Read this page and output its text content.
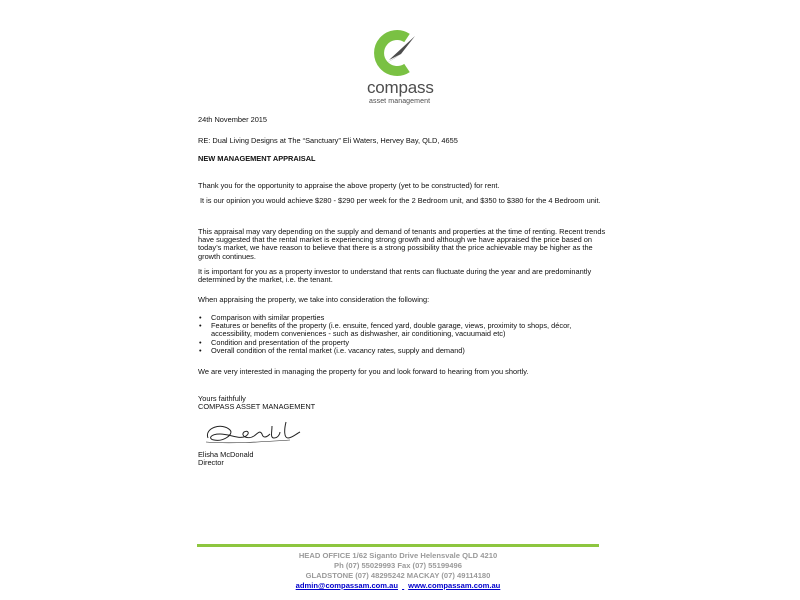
compass
asset management

24th November 2015

RE: Dual Living Designs at The “Sanctuary” Eli Waters, Hervey Bay, QLD, 4655

NEW MANAGEMENT APPRAISAL

Thank you for the opportunity to appraise the above property (yet to be constructed) for rent.

It is our opinion you would achieve $280 - $290 per week for the 2 Bedroom unit, and $350 to $380 for the 4 Bedroom unit.

This appraisal may vary depending on the supply and demand of tenants and properties at the time of renting. Recent trends have suggested that the rental market is experiencing strong growth and although we have appraised the price based on today’s market, we have reason to believe that there is a strong possibility that the price achievable may be higher as the growth continues.

It is important for you as a property investor to understand that rents can fluctuate during the year and are predominantly determined by the market, i.e. the tenant.

When appraising the property, we take into consideration the following:

• Comparison with similar properties
• Features or benefits of the property (i.e. ensuite, fenced yard, double garage, views, proximity to shops, décor, accessibility, modern conveniences - such as dishwasher, air conditioning, vacuumaid etc)
• Condition and presentation of the property
• Overall condition of the rental market (i.e. vacancy rates, supply and demand)

We are very interested in managing the property for you and look forward to hearing from you shortly.

Yours faithfully

COMPASS ASSET MANAGEMENT

Elisha McDonald

Director

HEAD OFFICE 1/62 Siganto Drive Helensvale QLD 4210
Ph (07) 55029993 Fax (07) 55199496
GLADSTONE (07) 48295242 MACKAY (07) 49114180
admin@compassam.com.au www.compassam.com.au
